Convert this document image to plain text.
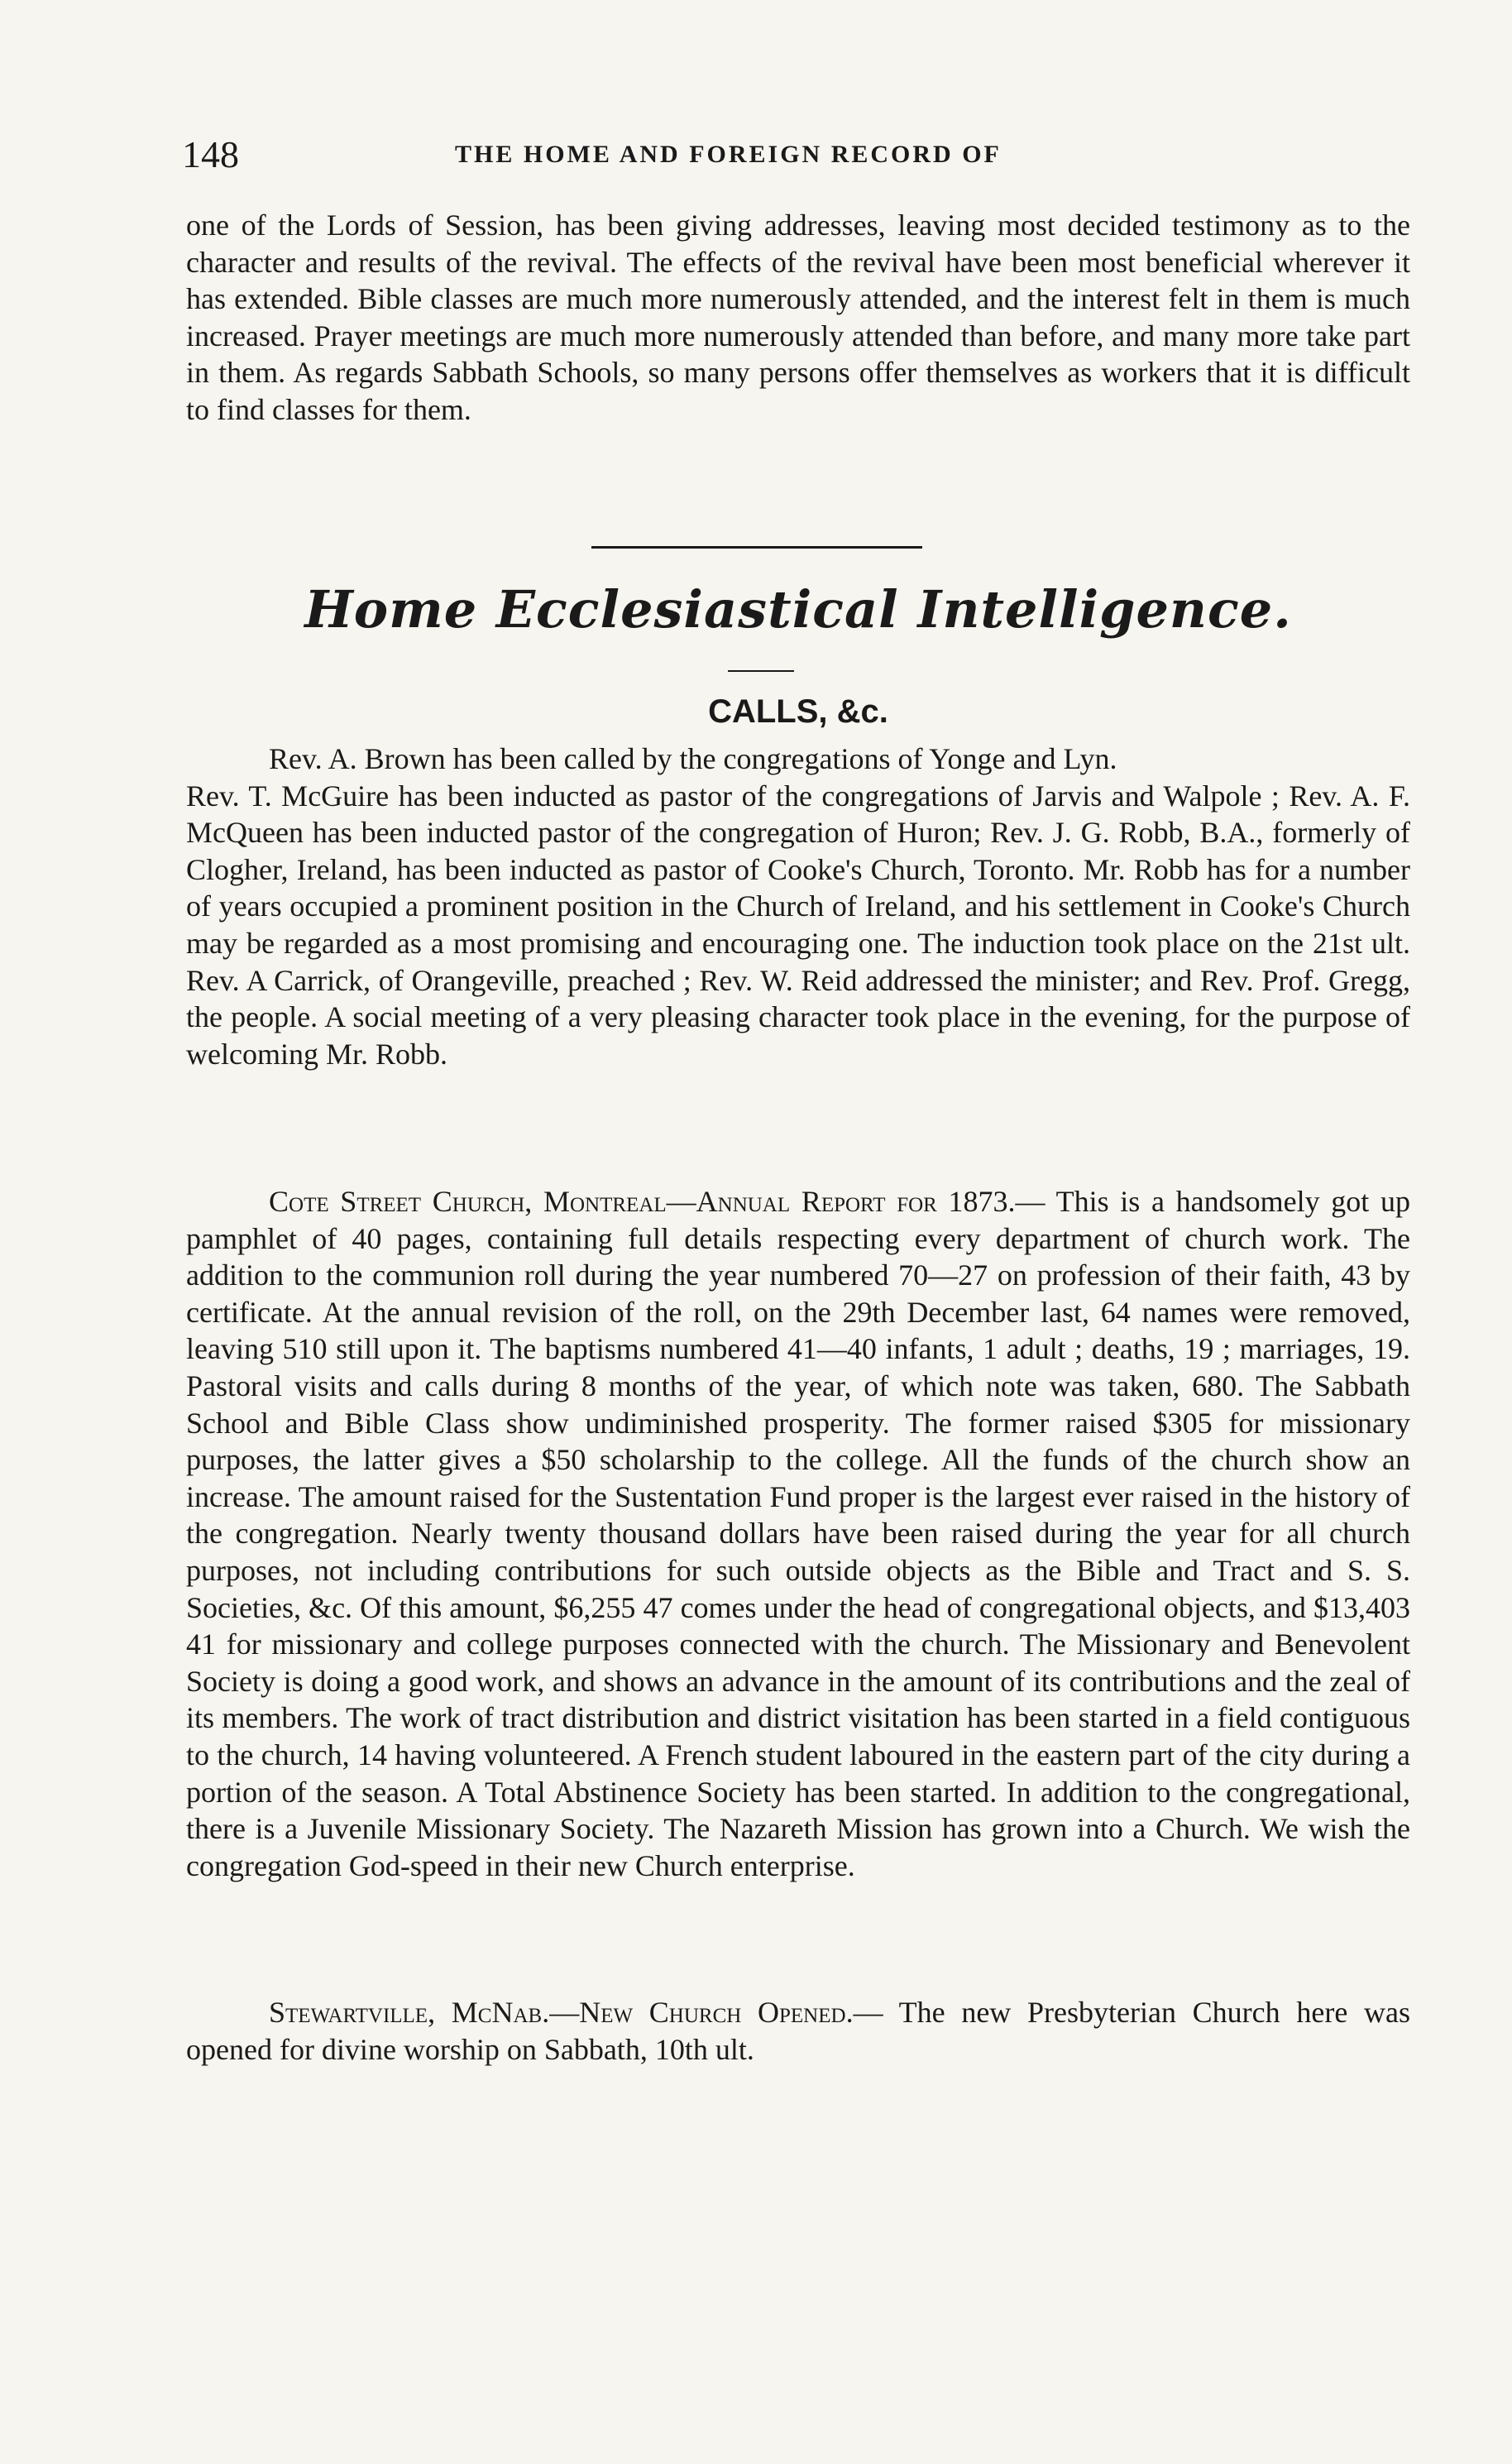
148	THE HOME AND FOREIGN RECORD OF
one of the Lords of Session, has been giving addresses, leaving most decided testimony as to the character and results of the revival. The effects of the revival have been most beneficial wherever it has extended. Bible classes are much more numerously attended, and the interest felt in them is much increased. Prayer meetings are much more numerously attended than before, and many more take part in them. As regards Sabbath Schools, so many persons offer themselves as workers that it is difficult to find classes for them.
Home Ecclesiastical Intelligence.
CALLS, &c.
Rev. A. Brown has been called by the congregations of Yonge and Lyn.
Rev. T. McGuire has been inducted as pastor of the congregations of Jarvis and Walpole ; Rev. A. F. McQueen has been inducted pastor of the congregation of Huron; Rev. J. G. Robb, B.A., formerly of Clogher, Ireland, has been inducted as pastor of Cooke's Church, Toronto. Mr. Robb has for a number of years occupied a prominent position in the Church of Ireland, and his settlement in Cooke's Church may be regarded as a most promising and encouraging one. The induction took place on the 21st ult. Rev. A Carrick, of Orangeville, preached ; Rev. W. Reid addressed the minister; and Rev. Prof. Gregg, the people. A social meeting of a very pleasing character took place in the evening, for the purpose of welcoming Mr. Robb.
Cote Street Church, Montreal—Annual Report for 1873.— This is a handsomely got up pamphlet of 40 pages, containing full details respecting every department of church work. The addition to the communion roll during the year numbered 70—27 on profession of their faith, 43 by certificate. At the annual revision of the roll, on the 29th December last, 64 names were removed, leaving 510 still upon it. The baptisms numbered 41—40 infants, 1 adult ; deaths, 19 ; marriages, 19. Pastoral visits and calls during 8 months of the year, of which note was taken, 680. The Sabbath School and Bible Class show undiminished prosperity. The former raised $305 for missionary purposes, the latter gives a $50 scholarship to the college. All the funds of the church show an increase. The amount raised for the Sustentation Fund proper is the largest ever raised in the history of the congregation. Nearly twenty thousand dollars have been raised during the year for all church purposes, not including contributions for such outside objects as the Bible and Tract and S. S. Societies, &c. Of this amount, $6,255 47 comes under the head of congregational objects, and $13,403 41 for missionary and college purposes connected with the church. The Missionary and Benevolent Society is doing a good work, and shows an advance in the amount of its contributions and the zeal of its members. The work of tract distribution and district visitation has been started in a field contiguous to the church, 14 having volunteered. A French student laboured in the eastern part of the city during a portion of the season. A Total Abstinence Society has been started. In addition to the congregational, there is a Juvenile Missionary Society. The Nazareth Mission has grown into a Church. We wish the congregation God-speed in their new Church enterprise.
Stewartville, McNab.—New Church Opened.— The new Presbyterian Church here was opened for divine worship on Sabbath, 10th ult.
